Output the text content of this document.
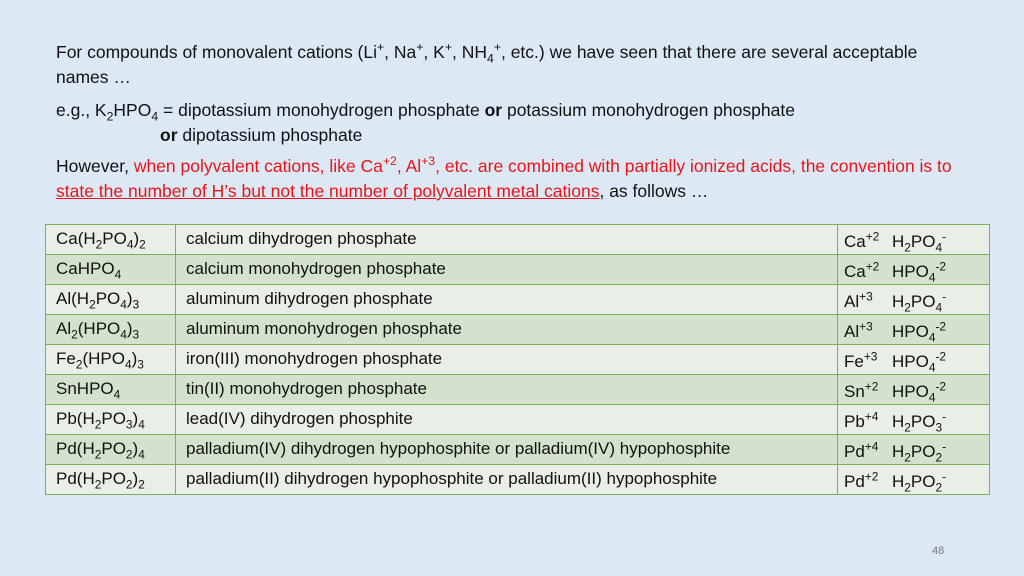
For compounds of monovalent cations (Li+, Na+, K+, $NH_4^+$, etc.) we have seen that there are several acceptable names …

e.g., $K_2HPO_4$ = dipotassium monohydrogen phosphate or potassium monohydrogen phosphate

or dipotassium phosphate

However, when polyvalent cations, like $Ca^{+2}$, $Al^{+3}$, etc. are combined with partially ionized acids, the convention is to state the number of H’s but not the number of polyvalent metal cations, as follows …

$Ca(H_2PO_4)_2$	calcium dihydrogen phosphate	$Ca^{+2}$ $H_2PO_4^-$
CaHPO$_4$	calcium monohydrogen phosphate	$Ca^{+2}$ $HPO_4^{-2}$
$Al(H_2PO_4)_3$	aluminum dihydrogen phosphate	$Al^{+3}$ $H_2PO_4^-$
$Al_2(HPO_4)_3$	aluminum monohydrogen phosphate	$Al^{+3}$ $HPO_4^{-2}$
$Fe_2(HPO_4)_3$	iron(III) monohydrogen phosphate	$Fe^{+3}$ $HPO_4^{-2}$
SnHPO$_4$	tin(II) monohydrogen phosphate	$Sn^{+2}$ $HPO_4^{-2}$
$Pb(H_2PO_3)_4$	lead(IV) dihydrogen phosphite	$Pb^{+4}$ $H_2PO_3^-$
$Pd(H_2PO_2)_4$	palladium(IV) dihydrogen hypophosphite or palladium(IV) hypophosphite	$Pd^{+4}$ $H_2PO_2^-$
$Pd(H_2PO_2)_2$	palladium(II) dihydrogen hypophosphite or palladium(II) hypophosphite	$Pd^{+2}$ $H_2PO_2^-$
48
